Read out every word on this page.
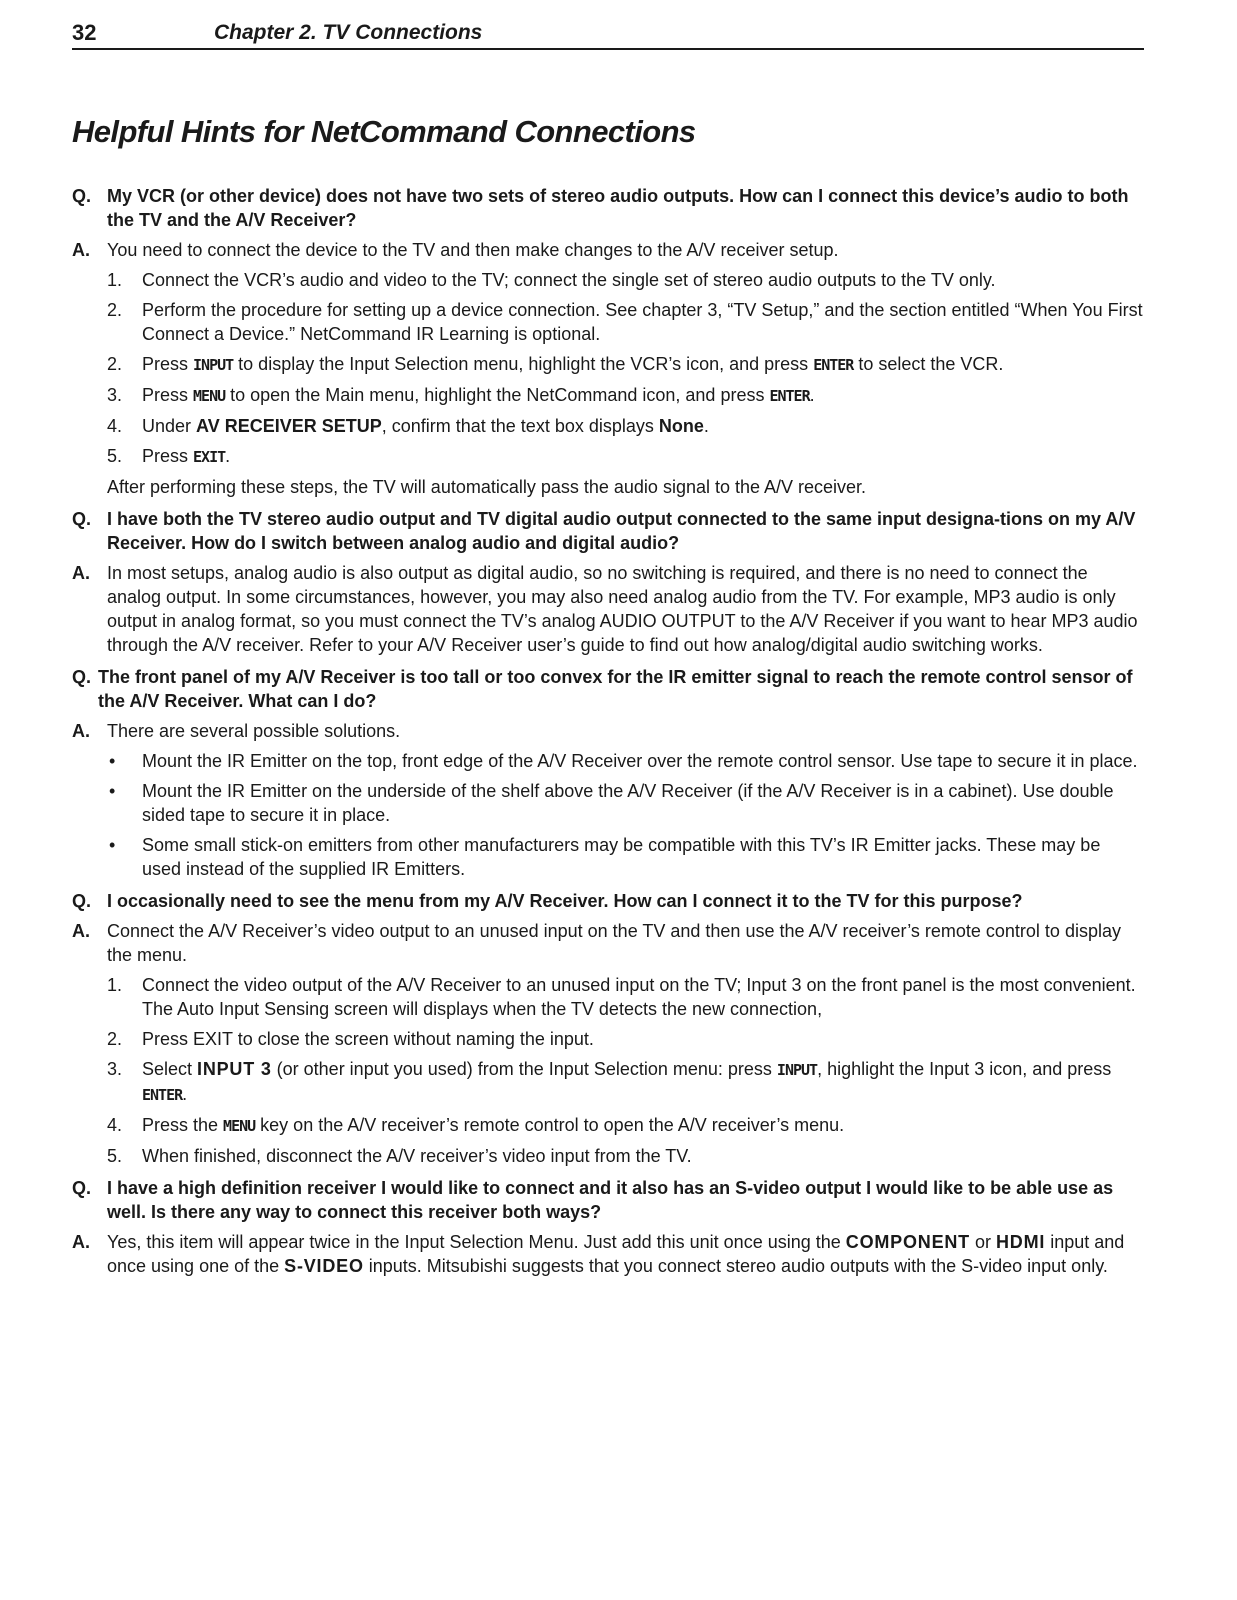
32	Chapter 2. TV Connections
Helpful Hints for NetCommand Connections
Q. My VCR (or other device) does not have two sets of stereo audio outputs. How can I connect this device’s audio to both the TV and the A/V Receiver?
A. You need to connect the device to the TV and then make changes to the A/V receiver setup.
1. Connect the VCR’s audio and video to the TV; connect the single set of stereo audio outputs to the TV only.
2. Perform the procedure for setting up a device connection. See chapter 3, “TV Setup,” and the section entitled “When You First Connect a Device.” NetCommand IR Learning is optional.
2. Press INPUT to display the Input Selection menu, highlight the VCR’s icon, and press ENTER to select the VCR.
3. Press MENU to open the Main menu, highlight the NetCommand icon, and press ENTER.
4. Under AV RECEIVER SETUP, confirm that the text box displays None.
5. Press EXIT.
After performing these steps, the TV will automatically pass the audio signal to the A/V receiver.
Q. I have both the TV stereo audio output and TV digital audio output connected to the same input designa-tions on my A/V Receiver. How do I switch between analog audio and digital audio?
A. In most setups, analog audio is also output as digital audio, so no switching is required, and there is no need to connect the analog output. In some circumstances, however, you may also need analog audio from the TV. For example, MP3 audio is only output in analog format, so you must connect the TV’s analog AUDIO OUTPUT to the A/V Receiver if you want to hear MP3 audio through the A/V receiver. Refer to your A/V Receiver user’s guide to find out how analog/digital audio switching works.
Q. The front panel of my A/V Receiver is too tall or too convex for the IR emitter signal to reach the remote control sensor of the A/V Receiver. What can I do?
A. There are several possible solutions.
• Mount the IR Emitter on the top, front edge of the A/V Receiver over the remote control sensor. Use tape to secure it in place.
• Mount the IR Emitter on the underside of the shelf above the A/V Receiver (if the A/V Receiver is in a cabinet). Use double sided tape to secure it in place.
• Some small stick-on emitters from other manufacturers may be compatible with this TV’s IR Emitter jacks. These may be used instead of the supplied IR Emitters.
Q. I occasionally need to see the menu from my A/V Receiver. How can I connect it to the TV for this purpose?
A. Connect the A/V Receiver’s video output to an unused input on the TV and then use the A/V receiver’s remote control to display the menu.
1. Connect the video output of the A/V Receiver to an unused input on the TV; Input 3 on the front panel is the most convenient. The Auto Input Sensing screen will displays when the TV detects the new connection,
2. Press EXIT to close the screen without naming the input.
3. Select INPUT 3 (or other input you used) from the Input Selection menu: press INPUT, highlight the Input 3 icon, and press ENTER.
4. Press the MENU key on the A/V receiver’s remote control to open the A/V receiver’s menu.
5. When finished, disconnect the A/V receiver’s video input from the TV.
Q. I have a high definition receiver I would like to connect and it also has an S-video output I would like to be able use as well. Is there any way to connect this receiver both ways?
A. Yes, this item will appear twice in the Input Selection Menu. Just add this unit once using the COMPONENT or HDMI input and once using one of the S-VIDEO inputs. Mitsubishi suggests that you connect stereo audio outputs with the S-video input only.
